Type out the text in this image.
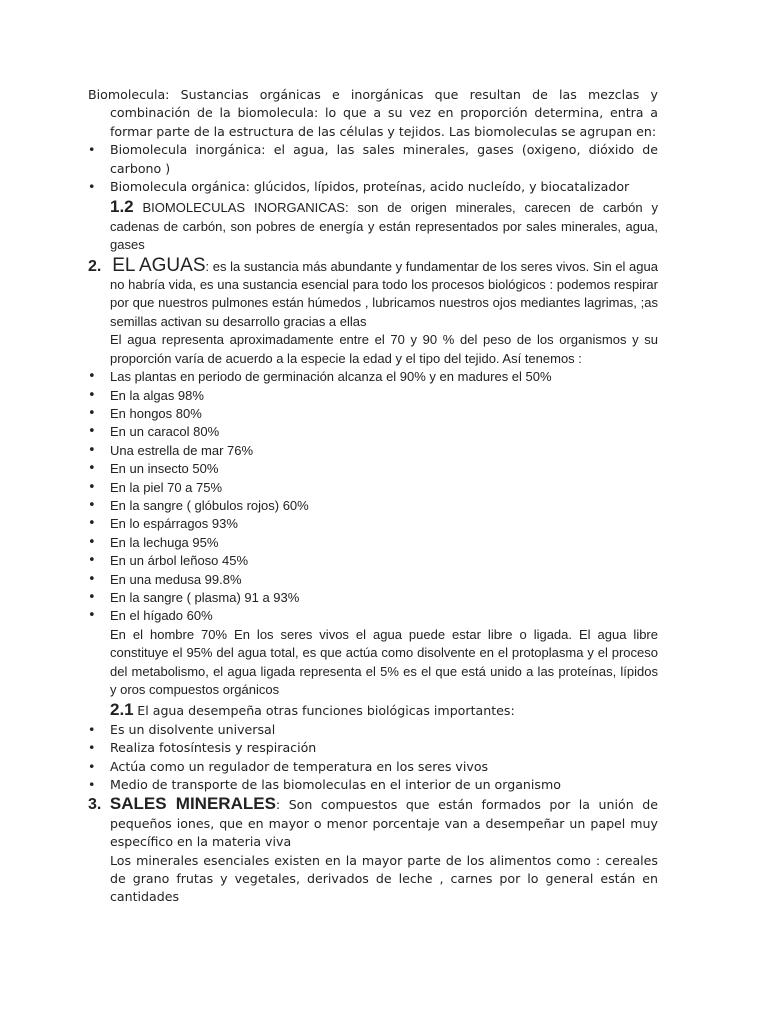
Biomolecula: Sustancias orgánicas e inorgánicas que resultan de las mezclas y combinación de la biomolecula: lo que a su vez en proporción determina, entra a formar parte de la estructura de las células y tejidos. Las biomoleculas se agrupan en:

•	Biomolecula inorgánica: el agua, las sales minerales, gases (oxigeno, dióxido de carbono )
•	Biomolecula orgánica: glúcidos, lípidos, proteínas, acido nucleído, y biocatalizador

1.2 BIOMOLECULAS INORGANICAS: son de origen minerales, carecen de carbón y cadenas de carbón, son pobres de energía y están representados por sales minerales, agua, gases

2. EL AGUAS: es la sustancia más abundante y fundamentar de los seres vivos. Sin el agua no habría vida, es una sustancia esencial para todo los procesos biológicos : podemos respirar por que nuestros pulmones están húmedos , lubricamos nuestros ojos mediantes lagrimas, ;as semillas activan su desarrollo gracias a ellas

El agua representa aproximadamente entre el 70 y 90 % del peso de los organismos y su proporción varía de acuerdo a la especie la edad y el tipo del tejido. Así tenemos :

•	Las plantas en periodo de germinación alcanza el 90% y en madures el 50%
•	En la algas 98%
•	En hongos 80%
•	En un caracol 80%
•	Una estrella de mar 76%
•	En un insecto 50%
•	En la piel 70 a 75%
•	En la sangre ( glóbulos rojos) 60%
•	En lo espárragos 93%
•	En la lechuga 95%
•	En un árbol leñoso 45%
•	En una medusa 99.8%
•	En la sangre ( plasma) 91 a 93%
•	En el hígado 60%

En el hombre 70% En los seres vivos el agua puede estar libre o ligada. El agua libre constituye el 95% del agua total, es que actúa como disolvente en el protoplasma y el proceso del metabolismo, el agua ligada representa el 5% es el que está unido a las proteínas, lípidos y oros compuestos orgánicos

2.1 El agua desempeña otras funciones biológicas importantes:

•	Es un disolvente universal
•	Realiza fotosíntesis y respiración
•	Actúa como un regulador de temperatura en los seres vivos
•	Medio de transporte de las biomoleculas en el interior de un organismo

3. SALES MINERALES: Son compuestos que están formados por la unión de pequeños iones, que en mayor o menor porcentaje van a desempeñar un papel muy específico en la materia viva

Los minerales esenciales existen en la mayor parte de los alimentos como : cereales de grano frutas y vegetales, derivados de leche , carnes por lo general están en cantidades
